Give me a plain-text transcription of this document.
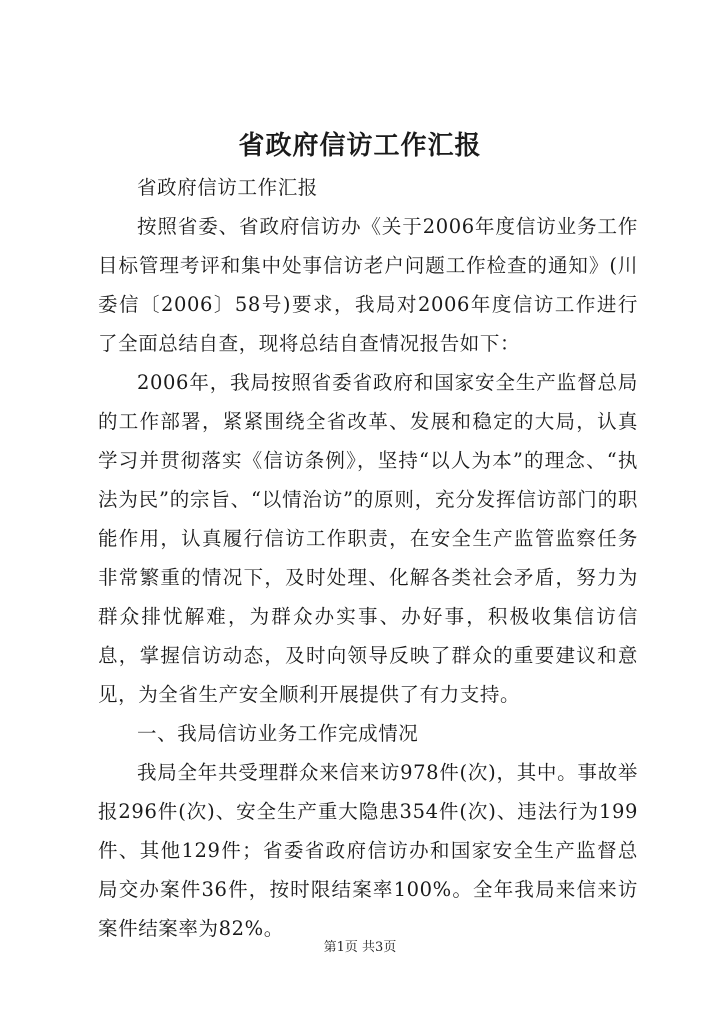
省政府信访工作汇报

省政府信访工作汇报

按照省委、省政府信访办《关于2006年度信访业务工作目标管理考评和集中处事信访老户问题工作检查的通知》(川委信〔2006〕58号)要求，我局对2006年度信访工作进行了全面总结自查，现将总结自查情况报告如下：

2006年，我局按照省委省政府和国家安全生产监督总局的工作部署，紧紧围绕全省改革、发展和稳定的大局，认真学习并贯彻落实《信访条例》，坚持“以人为本”的理念、“执法为民”的宗旨、“以情治访”的原则，充分发挥信访部门的职能作用，认真履行信访工作职责，在安全生产监管监察任务非常繁重的情况下，及时处理、化解各类社会矛盾，努力为群众排忧解难，为群众办实事、办好事，积极收集信访信息，掌握信访动态，及时向领导反映了群众的重要建议和意见，为全省生产安全顺利开展提供了有力支持。

一、我局信访业务工作完成情况

我局全年共受理群众来信来访978件(次)，其中。事故举报296件(次)、安全生产重大隐患354件(次)、违法行为199件、其他129件；省委省政府信访办和国家安全生产监督总局交办案件36件，按时限结案率100%。全年我局来信来访案件结案率为82%。

第1页 共3页
